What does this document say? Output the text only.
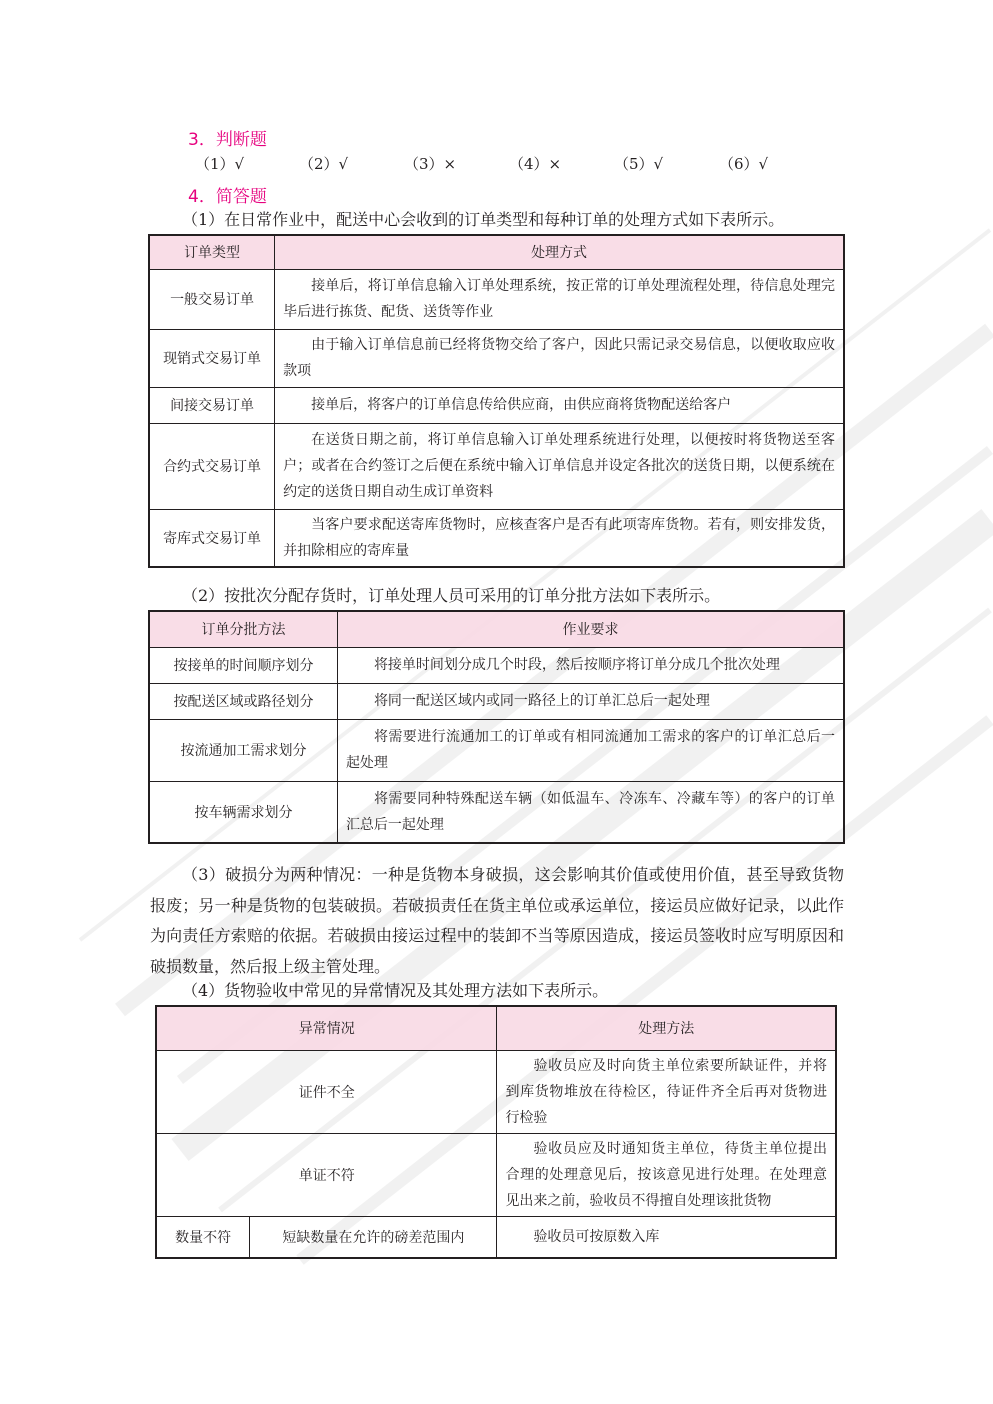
3．判断题
（1）√	（2）√	（3）×	（4）×	（5）√	（6）√
4．简答题
（1）在日常作业中，配送中心会收到的订单类型和每种订单的处理方式如下表所示。
订单类型	处理方式
一般交易订单	接单后，将订单信息输入订单处理系统，按正常的订单处理流程处理，待信息处理完毕后进行拣货、配货、送货等作业
现销式交易订单	由于输入订单信息前已经将货物交给了客户，因此只需记录交易信息，以便收取应收款项
间接交易订单	接单后，将客户的订单信息传给供应商，由供应商将货物配送给客户
合约式交易订单	在送货日期之前，将订单信息输入订单处理系统进行处理，以便按时将货物送至客户；或者在合约签订之后便在系统中输入订单信息并设定各批次的送货日期，以便系统在约定的送货日期自动生成订单资料
寄库式交易订单	当客户要求配送寄库货物时，应核查客户是否有此项寄库货物。若有，则安排发货，并扣除相应的寄库量
（2）按批次分配存货时，订单处理人员可采用的订单分批方法如下表所示。
订单分批方法	作业要求
按接单的时间顺序划分	将接单时间划分成几个时段，然后按顺序将订单分成几个批次处理
按配送区域或路径划分	将同一配送区域内或同一路径上的订单汇总后一起处理
按流通加工需求划分	将需要进行流通加工的订单或有相同流通加工需求的客户的订单汇总后一起处理
按车辆需求划分	将需要同种特殊配送车辆（如低温车、冷冻车、冷藏车等）的客户的订单汇总后一起处理
（3）破损分为两种情况：一种是货物本身破损，这会影响其价值或使用价值，甚至导致货物报废；另一种是货物的包装破损。若破损责任在货主单位或承运单位，接运员应做好记录，以此作为向责任方索赔的依据。若破损由接运过程中的装卸不当等原因造成，接运员签收时应写明原因和破损数量，然后报上级主管处理。
（4）货物验收中常见的异常情况及其处理方法如下表所示。
异常情况		处理方法
证件不全		验收员应及时向货主单位索要所缺证件，并将到库货物堆放在待检区，待证件齐全后再对货物进行检验
单证不符		验收员应及时通知货主单位，待货主单位提出合理的处理意见后，按该意见进行处理。在处理意见出来之前，验收员不得擅自处理该批货物
数量不符	短缺数量在允许的磅差范围内	验收员可按原数入库
